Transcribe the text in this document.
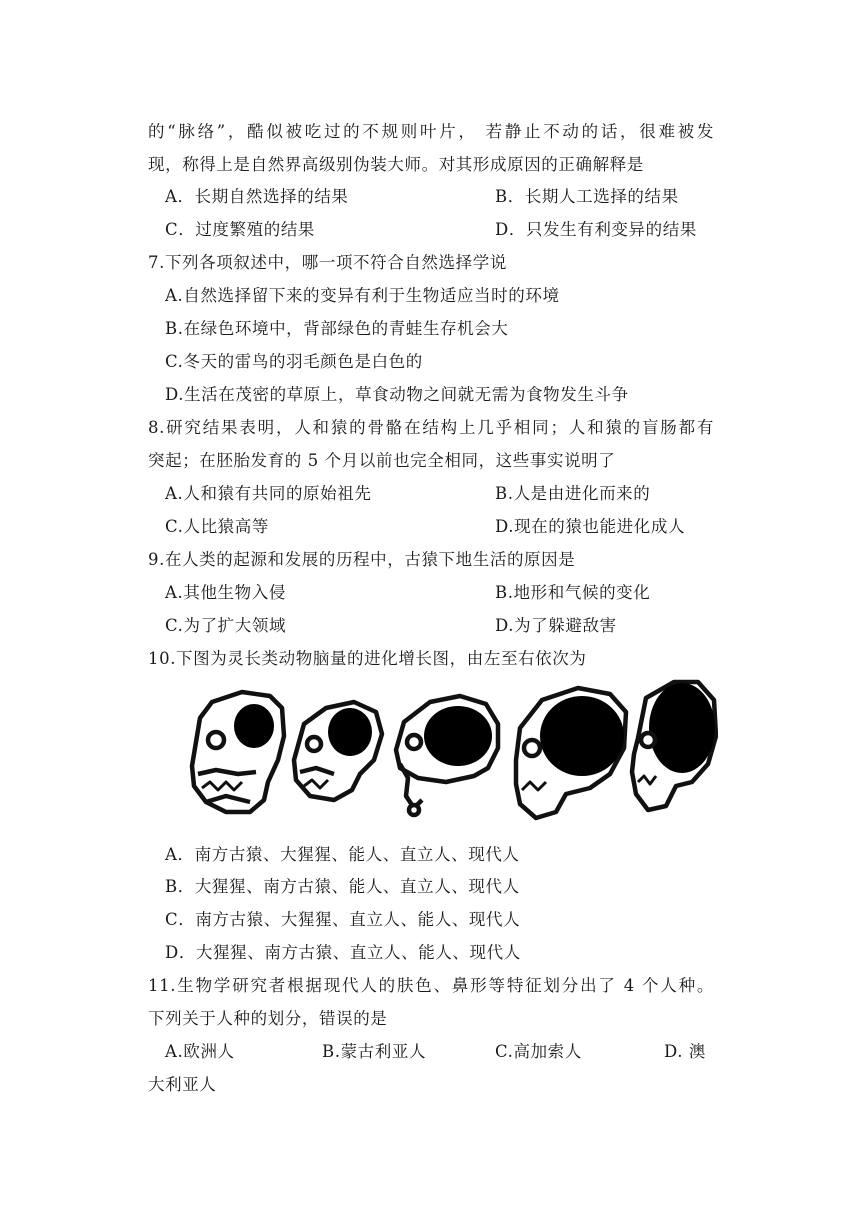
的“脉络”，酷似被吃过的不规则叶片， 若静止不动的话，很难被发
现，称得上是自然界高级别伪装大师。对其形成原因的正确解释是
A．长期自然选择的结果	B．长期人工选择的结果
C．过度繁殖的结果	D．只发生有利变异的结果
7.下列各项叙述中，哪一项不符合自然选择学说
A.自然选择留下来的变异有利于生物适应当时的环境
B.在绿色环境中，背部绿色的青蛙生存机会大
C.冬天的雷鸟的羽毛颜色是白色的
D.生活在茂密的草原上，草食动物之间就无需为食物发生斗争
8.研究结果表明，人和猿的骨骼在结构上几乎相同；人和猿的盲肠都有
突起；在胚胎发育的 5 个月以前也完全相同，这些事实说明了
A.人和猿有共同的原始祖先	B.人是由进化而来的
C.人比猿高等	D.现在的猿也能进化成人
9.在人类的起源和发展的历程中，古猿下地生活的原因是
A.其他生物入侵	B.地形和气候的变化
C.为了扩大领域	D.为了躲避敌害
10.下图为灵长类动物脑量的进化增长图，由左至右依次为
A．南方古猿、大猩猩、能人、直立人、现代人
B．大猩猩、南方古猿、能人、直立人、现代人
C．南方古猿、大猩猩、直立人、能人、现代人
D．大猩猩、南方古猿、直立人、能人、现代人
11.生物学研究者根据现代人的肤色、鼻形等特征划分出了 4 个人种。
下列关于人种的划分，错误的是
A.欧洲人	B.蒙古利亚人	C.高加索人	D. 澳
大利亚人
